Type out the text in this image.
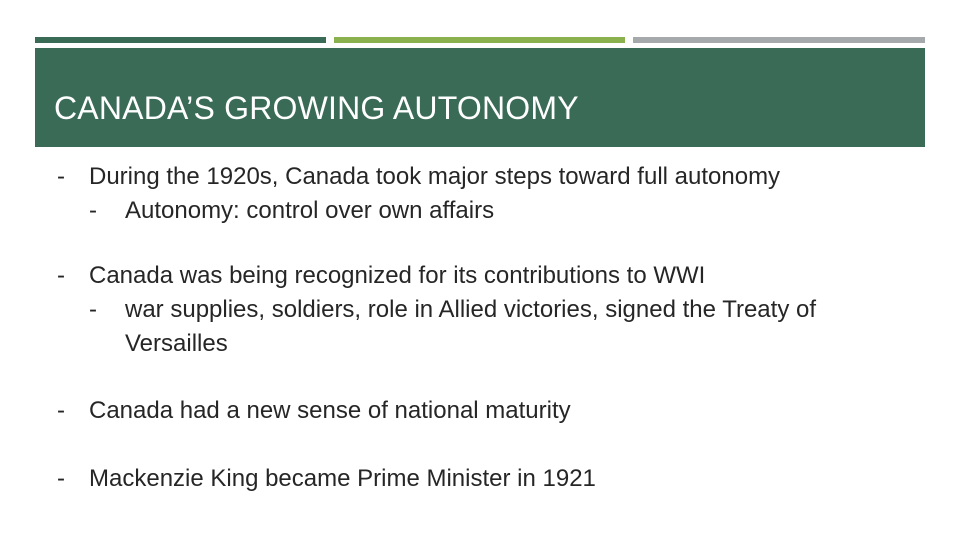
CANADA’S GROWING AUTONOMY
- During the 1920s, Canada took major steps toward full autonomy
- Autonomy: control over own affairs
- Canada was being recognized for its contributions to WWI
- war supplies, soldiers, role in Allied victories, signed the Treaty of Versailles
- Canada had a new sense of national maturity
- Mackenzie King became Prime Minister in 1921
